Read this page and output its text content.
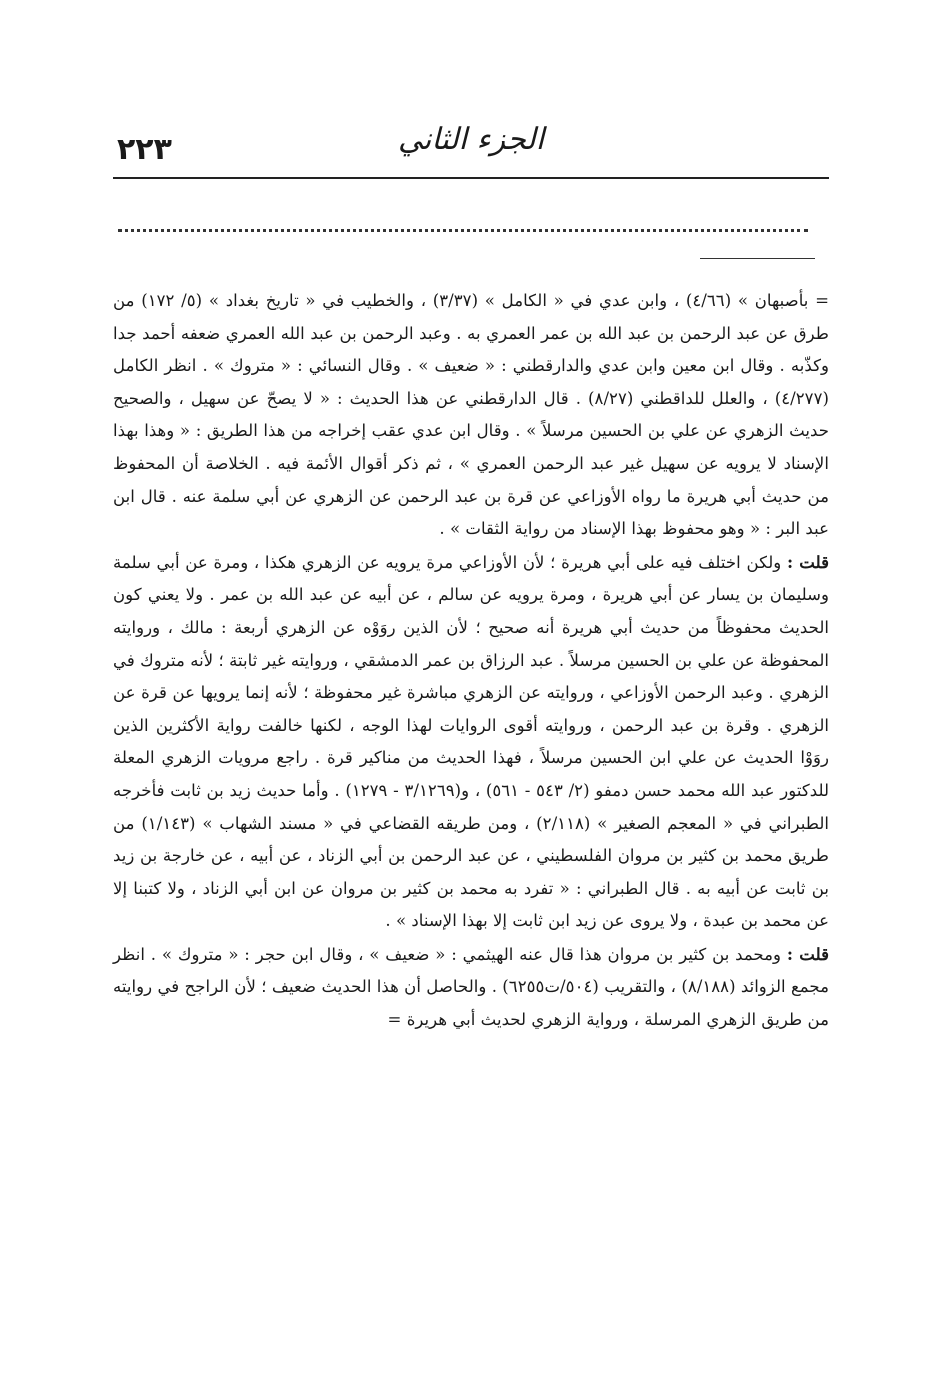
٢٢٣	الجزء الثاني

= بأصبهان » (٤/٦٦) ، وابن عدي في « الكامل » (٣/٣٧) ، والخطيب في « تاريخ بغداد » (٥/ ١٧٢) من طرق عن عبد الرحمن بن عبد الله بن عمر العمري به . وعبد الرحمن بن عبد الله العمري ضعفه أحمد جدا وكذّبه . وقال ابن معين وابن عدي والدارقطني : « ضعيف » . وقال النسائي : « متروك » . انظر الكامل (٤/٢٧٧) ، والعلل للداقطني (٨/٢٧) . قال الدارقطني عن هذا الحديث : « لا يصحّ عن سهيل ، والصحيح حديث الزهري عن علي بن الحسين مرسلاً » . وقال ابن عدي عقب إخراجه من هذا الطريق : « وهذا بهذا الإسناد لا يرويه عن سهيل غير عبد الرحمن العمري » ، ثم ذكر أقوال الأئمة فيه . الخلاصة أن المحفوظ من حديث أبي هريرة ما رواه الأوزاعي عن قرة بن عبد الرحمن عن الزهري عن أبي سلمة عنه . قال ابن عبد البر : « وهو محفوظ بهذا الإسناد من رواية الثقات » .

قلت : ولكن اختلف فيه على أبي هريرة ؛ لأن الأوزاعي مرة يرويه عن الزهري هكذا ، ومرة عن أبي سلمة وسليمان بن يسار عن أبي هريرة ، ومرة يرويه عن سالم ، عن أبيه عن عبد الله بن عمر . ولا يعني كون الحديث محفوظاً من حديث أبي هريرة أنه صحيح ؛ لأن الذين روَوْه عن الزهري أربعة : مالك ، وروايته المحفوظة عن علي بن الحسين مرسلاً . عبد الرزاق بن عمر الدمشقي ، وروايته غير ثابتة ؛ لأنه متروك في الزهري . وعبد الرحمن الأوزاعي ، وروايته عن الزهري مباشرة غير محفوظة ؛ لأنه إنما يرويها عن قرة عن الزهري . وقرة بن عبد الرحمن ، وروايته أقوى الروايات لهذا الوجه ، لكنها خالفت رواية الأكثرين الذين روَوْا الحديث عن علي ابن الحسين مرسلاً ، فهذا الحديث من مناكير قرة . راجع مرويات الزهري المعلة للدكتور عبد الله محمد حسن دمفو (٢/ ٥٤٣ - ٥٦١) ، و(٣/١٢٦٩ - ١٢٧٩) . وأما حديث زيد بن ثابت فأخرجه الطبراني في « المعجم الصغير » (٢/١١٨) ، ومن طريقه القضاعي في « مسند الشهاب » (١/١٤٣) من طريق محمد بن كثير بن مروان الفلسطيني ، عن عبد الرحمن بن أبي الزناد ، عن أبيه ، عن خارجة بن زيد بن ثابت عن أبيه به . قال الطبراني : « تفرد به محمد بن كثير بن مروان عن ابن أبي الزناد ، ولا كتبنا إلا عن محمد بن عبدة ، ولا يروى عن زيد ابن ثابت إلا بهذا الإسناد » .

قلت : ومحمد بن كثير بن مروان هذا قال عنه الهيثمي : « ضعيف » ، وقال ابن حجر : « متروك » . انظر مجمع الزوائد (٨/١٨٨) ، والتقريب (٥٠٤/ت٦٢٥٥) . والحاصل أن هذا الحديث ضعيف ؛ لأن الراجح في روايته من طريق الزهري المرسلة ، ورواية الزهري لحديث أبي هريرة =
